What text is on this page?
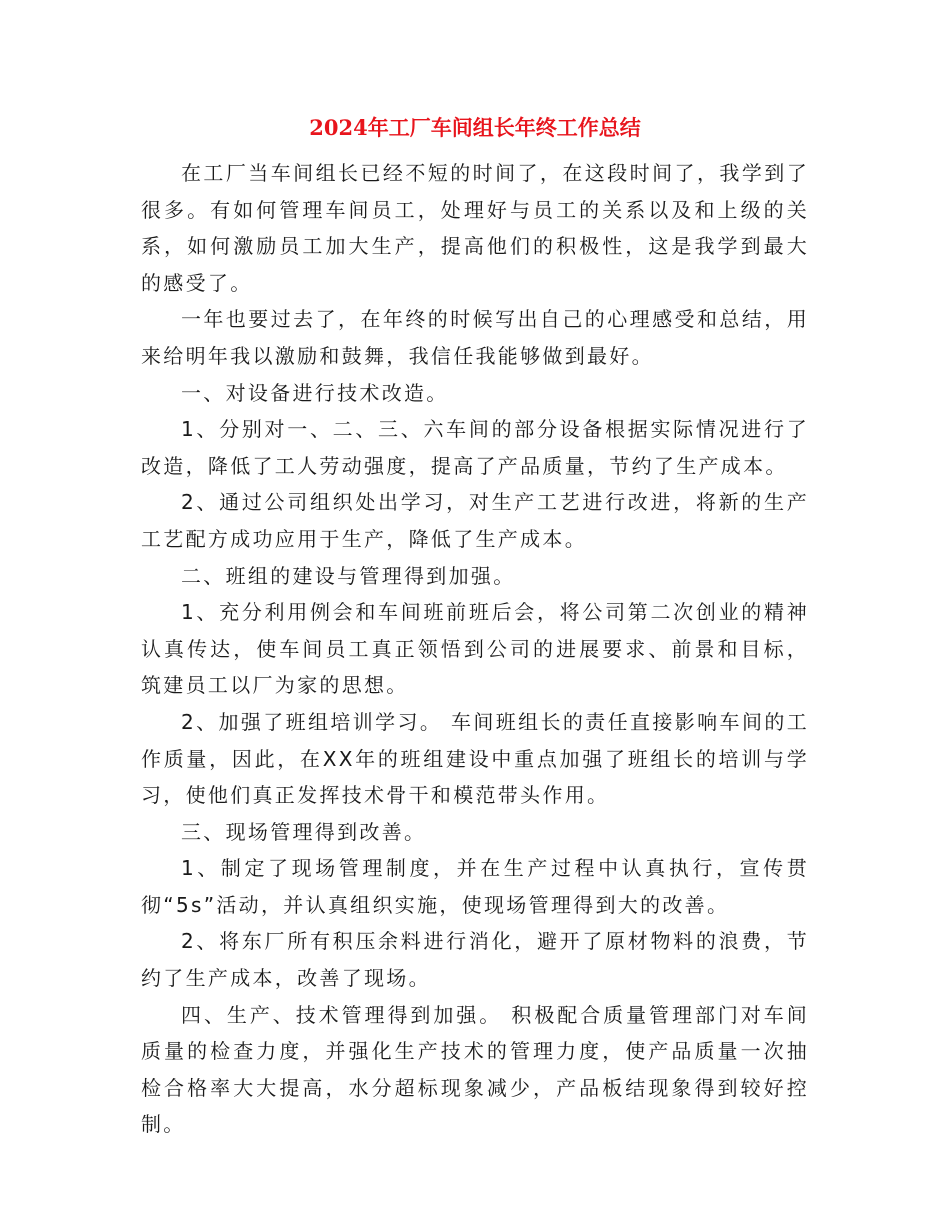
2024年工厂车间组长年终工作总结

在工厂当车间组长已经不短的时间了，在这段时间了，我学到了很多。有如何管理车间员工，处理好与员工的关系以及和上级的关系，如何激励员工加大生产，提高他们的积极性，这是我学到最大的感受了。

一年也要过去了，在年终的时候写出自己的心理感受和总结，用来给明年我以激励和鼓舞，我信任我能够做到最好。

一、对设备进行技术改造。

1、分别对一、二、三、六车间的部分设备根据实际情况进行了改造，降低了工人劳动强度，提高了产品质量，节约了生产成本。

2、通过公司组织处出学习，对生产工艺进行改进，将新的生产工艺配方成功应用于生产，降低了生产成本。

二、班组的建设与管理得到加强。

1、充分利用例会和车间班前班后会，将公司第二次创业的精神认真传达，使车间员工真正领悟到公司的进展要求、前景和目标，筑建员工以厂为家的思想。

2、加强了班组培训学习。 车间班组长的责任直接影响车间的工作质量，因此，在XX年的班组建设中重点加强了班组长的培训与学习，使他们真正发挥技术骨干和模范带头作用。

三、现场管理得到改善。

1、制定了现场管理制度，并在生产过程中认真执行，宣传贯彻“5s”活动，并认真组织实施，使现场管理得到大的改善。

2、将东厂所有积压余料进行消化，避开了原材物料的浪费，节约了生产成本，改善了现场。

四、生产、技术管理得到加强。 积极配合质量管理部门对车间质量的检查力度，并强化生产技术的管理力度，使产品质量一次抽检合格率大大提高，水分超标现象减少，产品板结现象得到较好控制。
